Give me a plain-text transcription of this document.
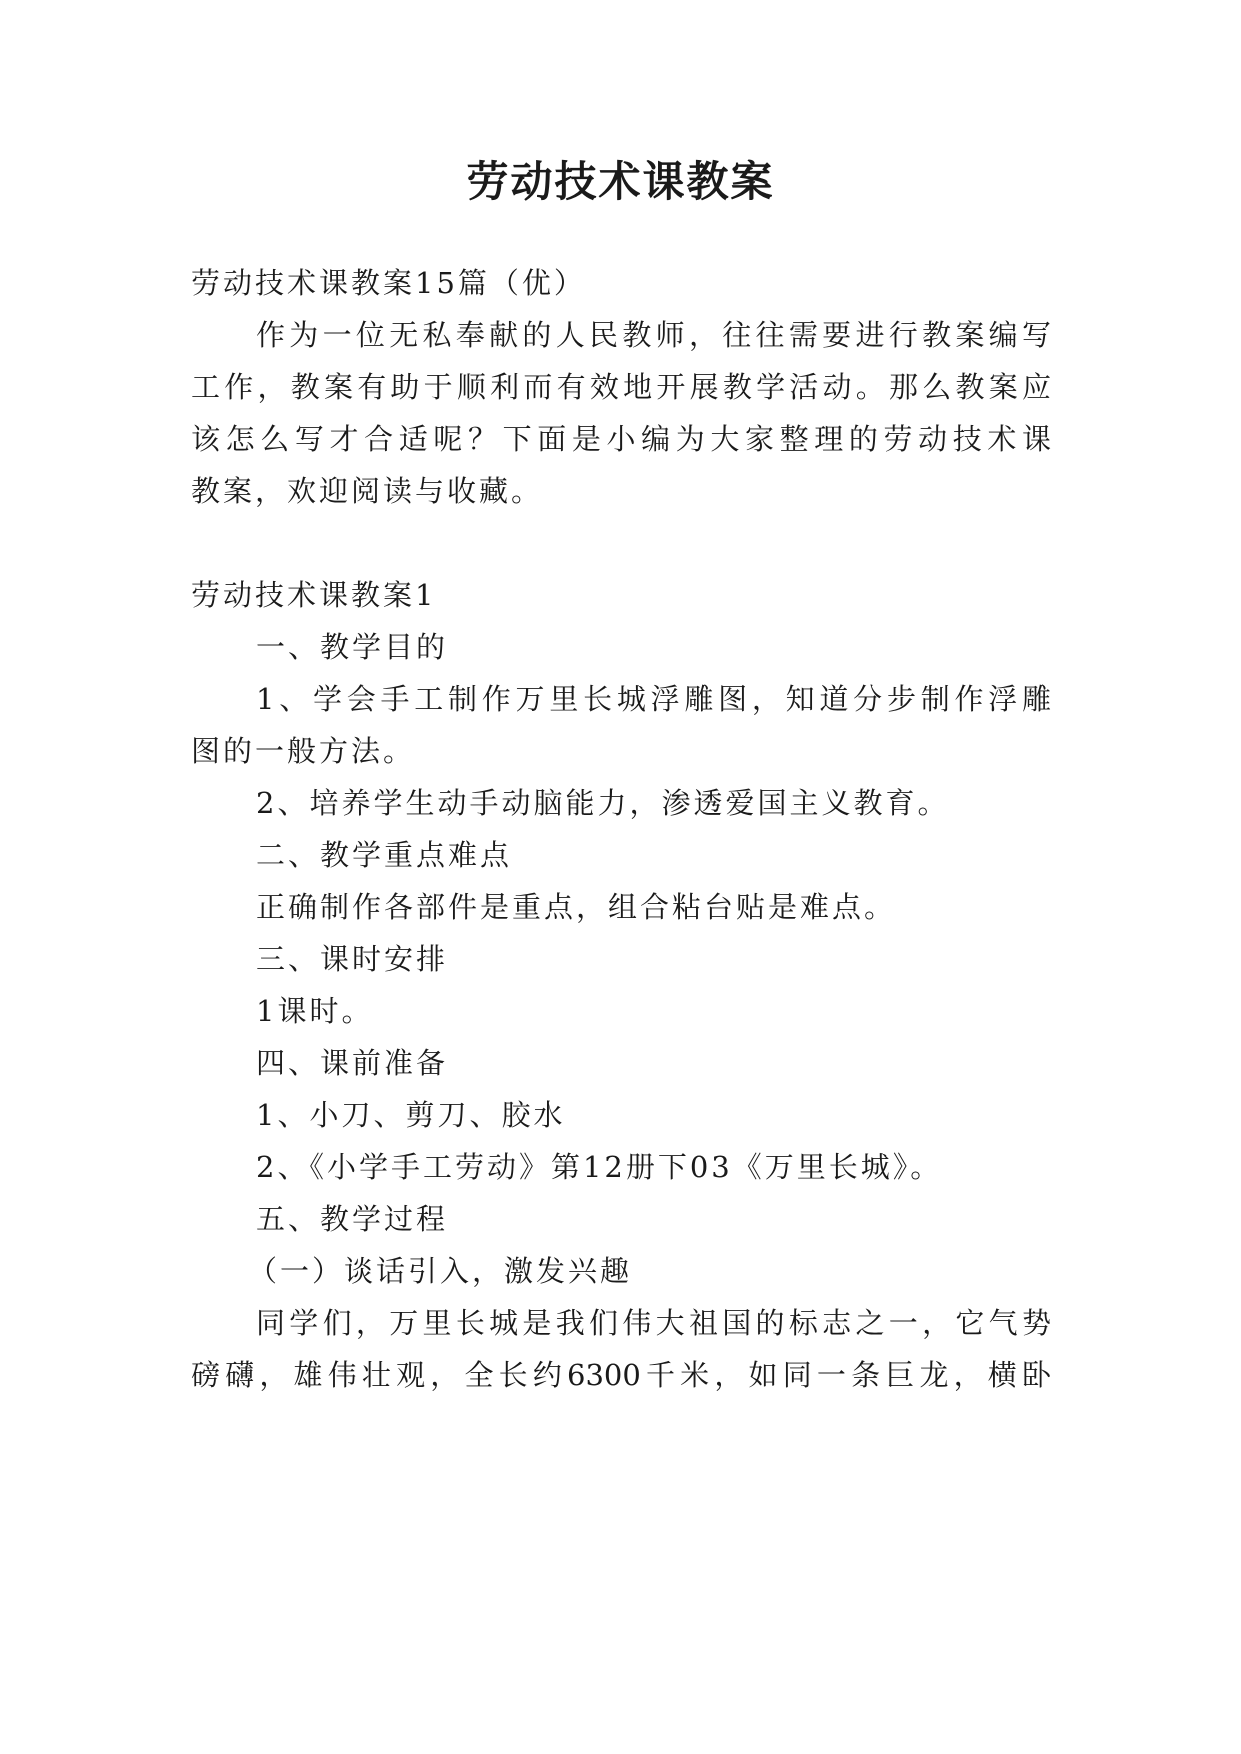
劳动技术课教案
劳动技术课教案15篇（优）
作为一位无私奉献的人民教师，往往需要进行教案编写
工作，教案有助于顺利而有效地开展教学活动。那么教案应
该怎么写才合适呢？下面是小编为大家整理的劳动技术课
教案，欢迎阅读与收藏。
劳动技术课教案1
一、教学目的
1、学会手工制作万里长城浮雕图，知道分步制作浮雕
图的一般方法。
2、培养学生动手动脑能力，渗透爱国主义教育。
二、教学重点难点
正确制作各部件是重点，组合粘台贴是难点。
三、课时安排
1课时。
四、课前准备
1、小刀、剪刀、胶水
2、《小学手工劳动》第12册下03《万里长城》。
五、教学过程
（一）谈话引入，激发兴趣
同学们，万里长城是我们伟大祖国的标志之一，它气势
磅礴，雄伟壮观，全长约6300千米，如同一条巨龙，横卧
